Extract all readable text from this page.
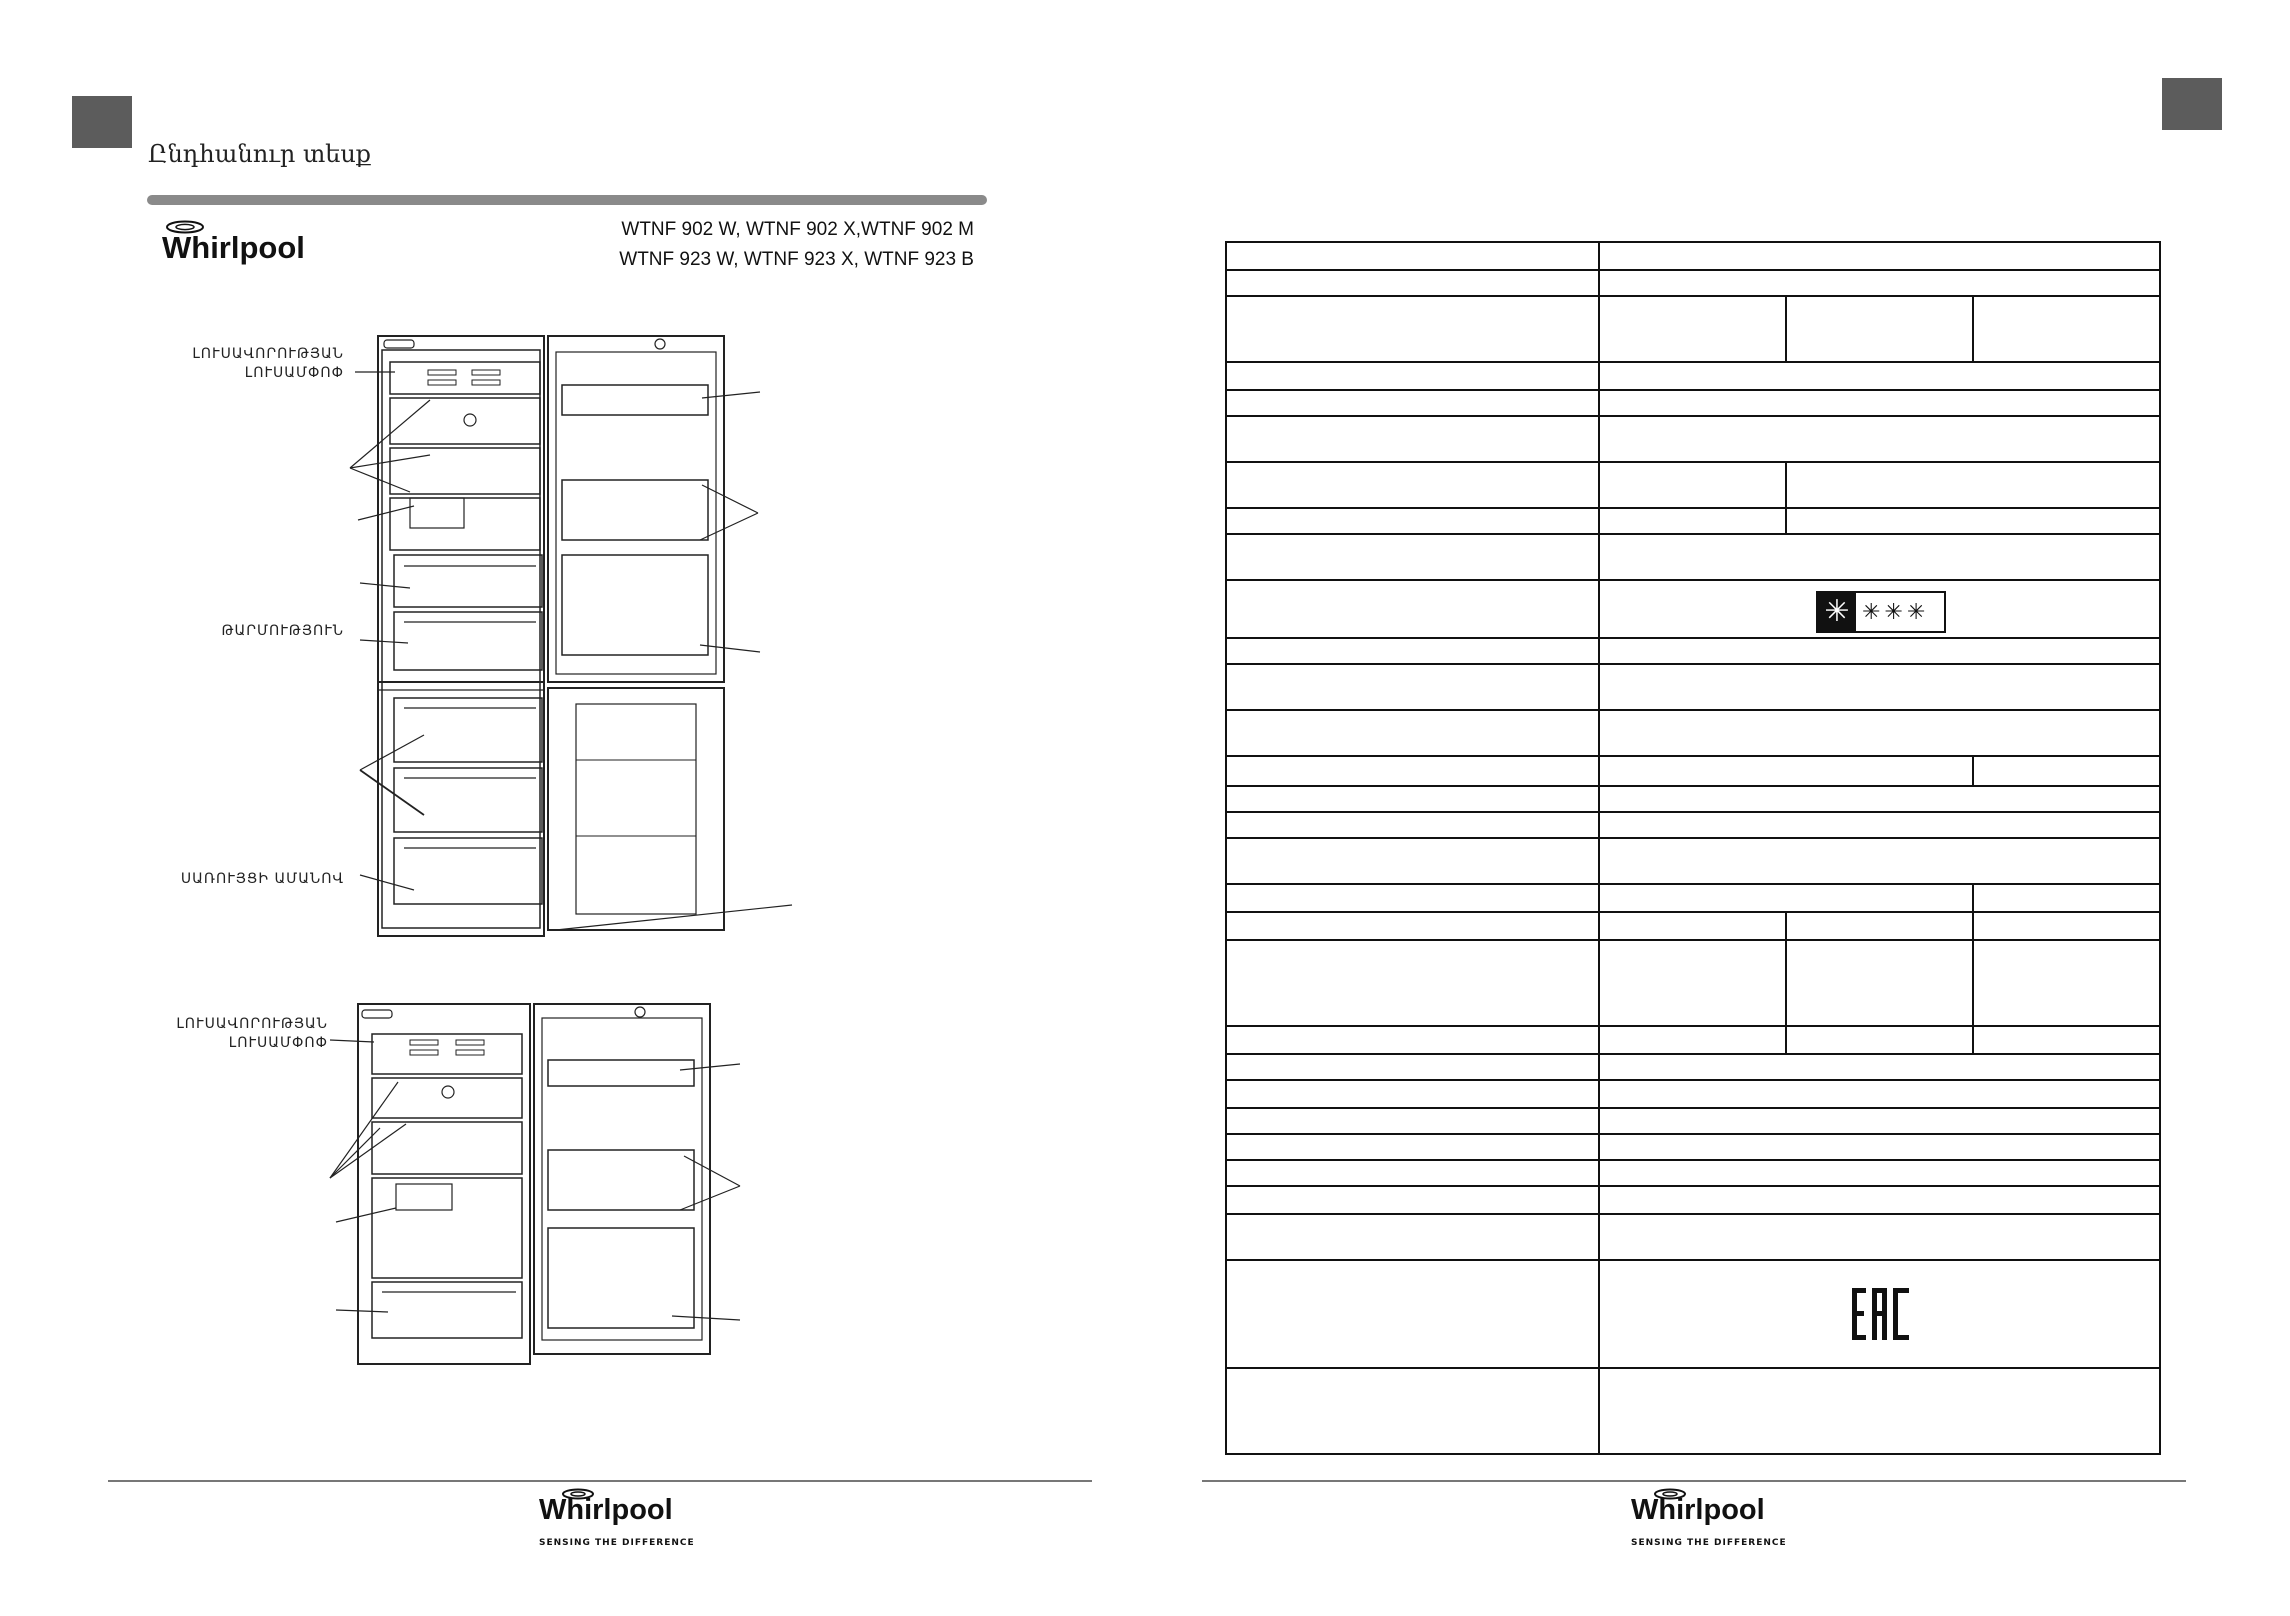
Ընդհանուր տեսք
Whirlpool
WTNF 902 W, WTNF 902 X,WTNF 902 M
WTNF 923 W, WTNF 923 X, WTNF 923 B
ԼՈՒՍԱՎՈՐՈՒԹՅԱՆ
ԼՈՒՍԱՄՓՈՓ
ԹԱՐՄՈՒԹՅՈՒՆ
ՍԱՌՈՒՅՑԻ ԱՄԱՆՈՎ
ԼՈՒՍԱՎՈՐՈՒԹՅԱՆ
ԼՈՒՍԱՄՓՈՓ
Whirlpool
SENSING THE DIFFERENCE
✳ ✳✳✳
Whirlpool
SENSING THE DIFFERENCE
